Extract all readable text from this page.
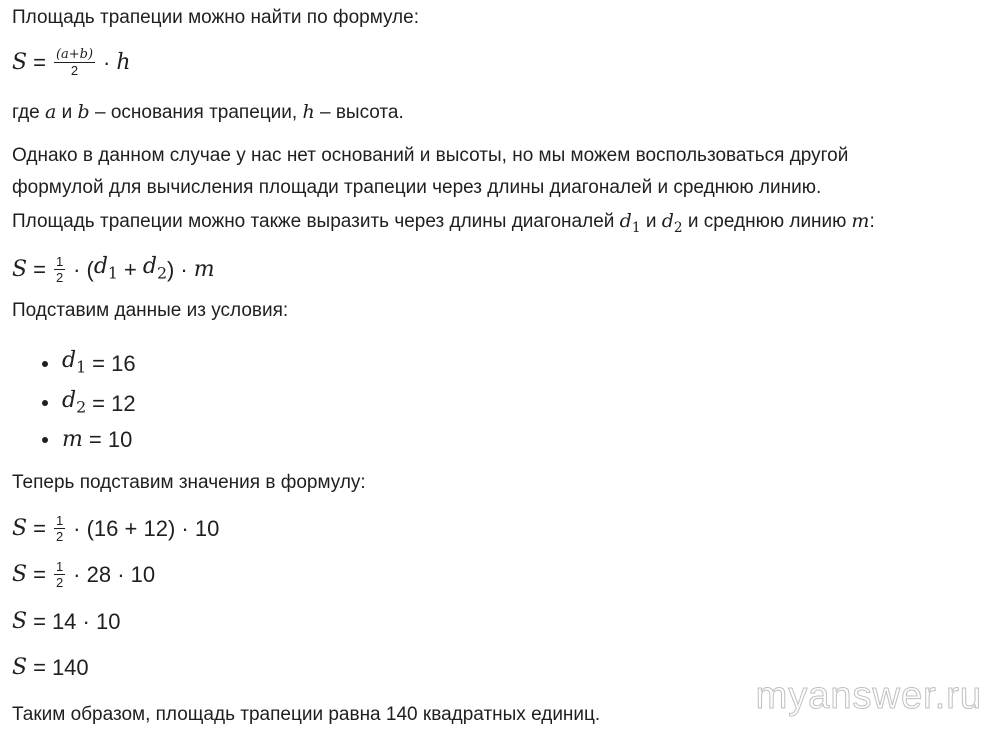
Площадь трапеции можно найти по формуле:

$S = \frac{(a+b)}{2} \cdot h$

где a и b – основания трапеции, h – высота.

Однако в данном случае у нас нет оснований и высоты, но мы можем воспользоваться другой

формулой для вычисления площади трапеции через длины диагоналей и среднюю линию.

Площадь трапеции можно также выразить через длины диагоналей $d_1$ и $d_2$ и среднюю линию m:

$S = \frac{1}{2}$ · ( $d_1 + d_2$ ) · m

Подставим данные из условия:

$d_1 = 16$
$d_2 = 12$
m = 10

Теперь подставим значения в формулу:

$S = \frac{1}{2} \cdot (16 + 12) \cdot 10$
$S = \frac{1}{2} \cdot 28 \cdot 10$
S = 14 · 10
S = 140

Таким образом, площадь трапеции равна 140 квадратных единиц.	myanswer.ru
